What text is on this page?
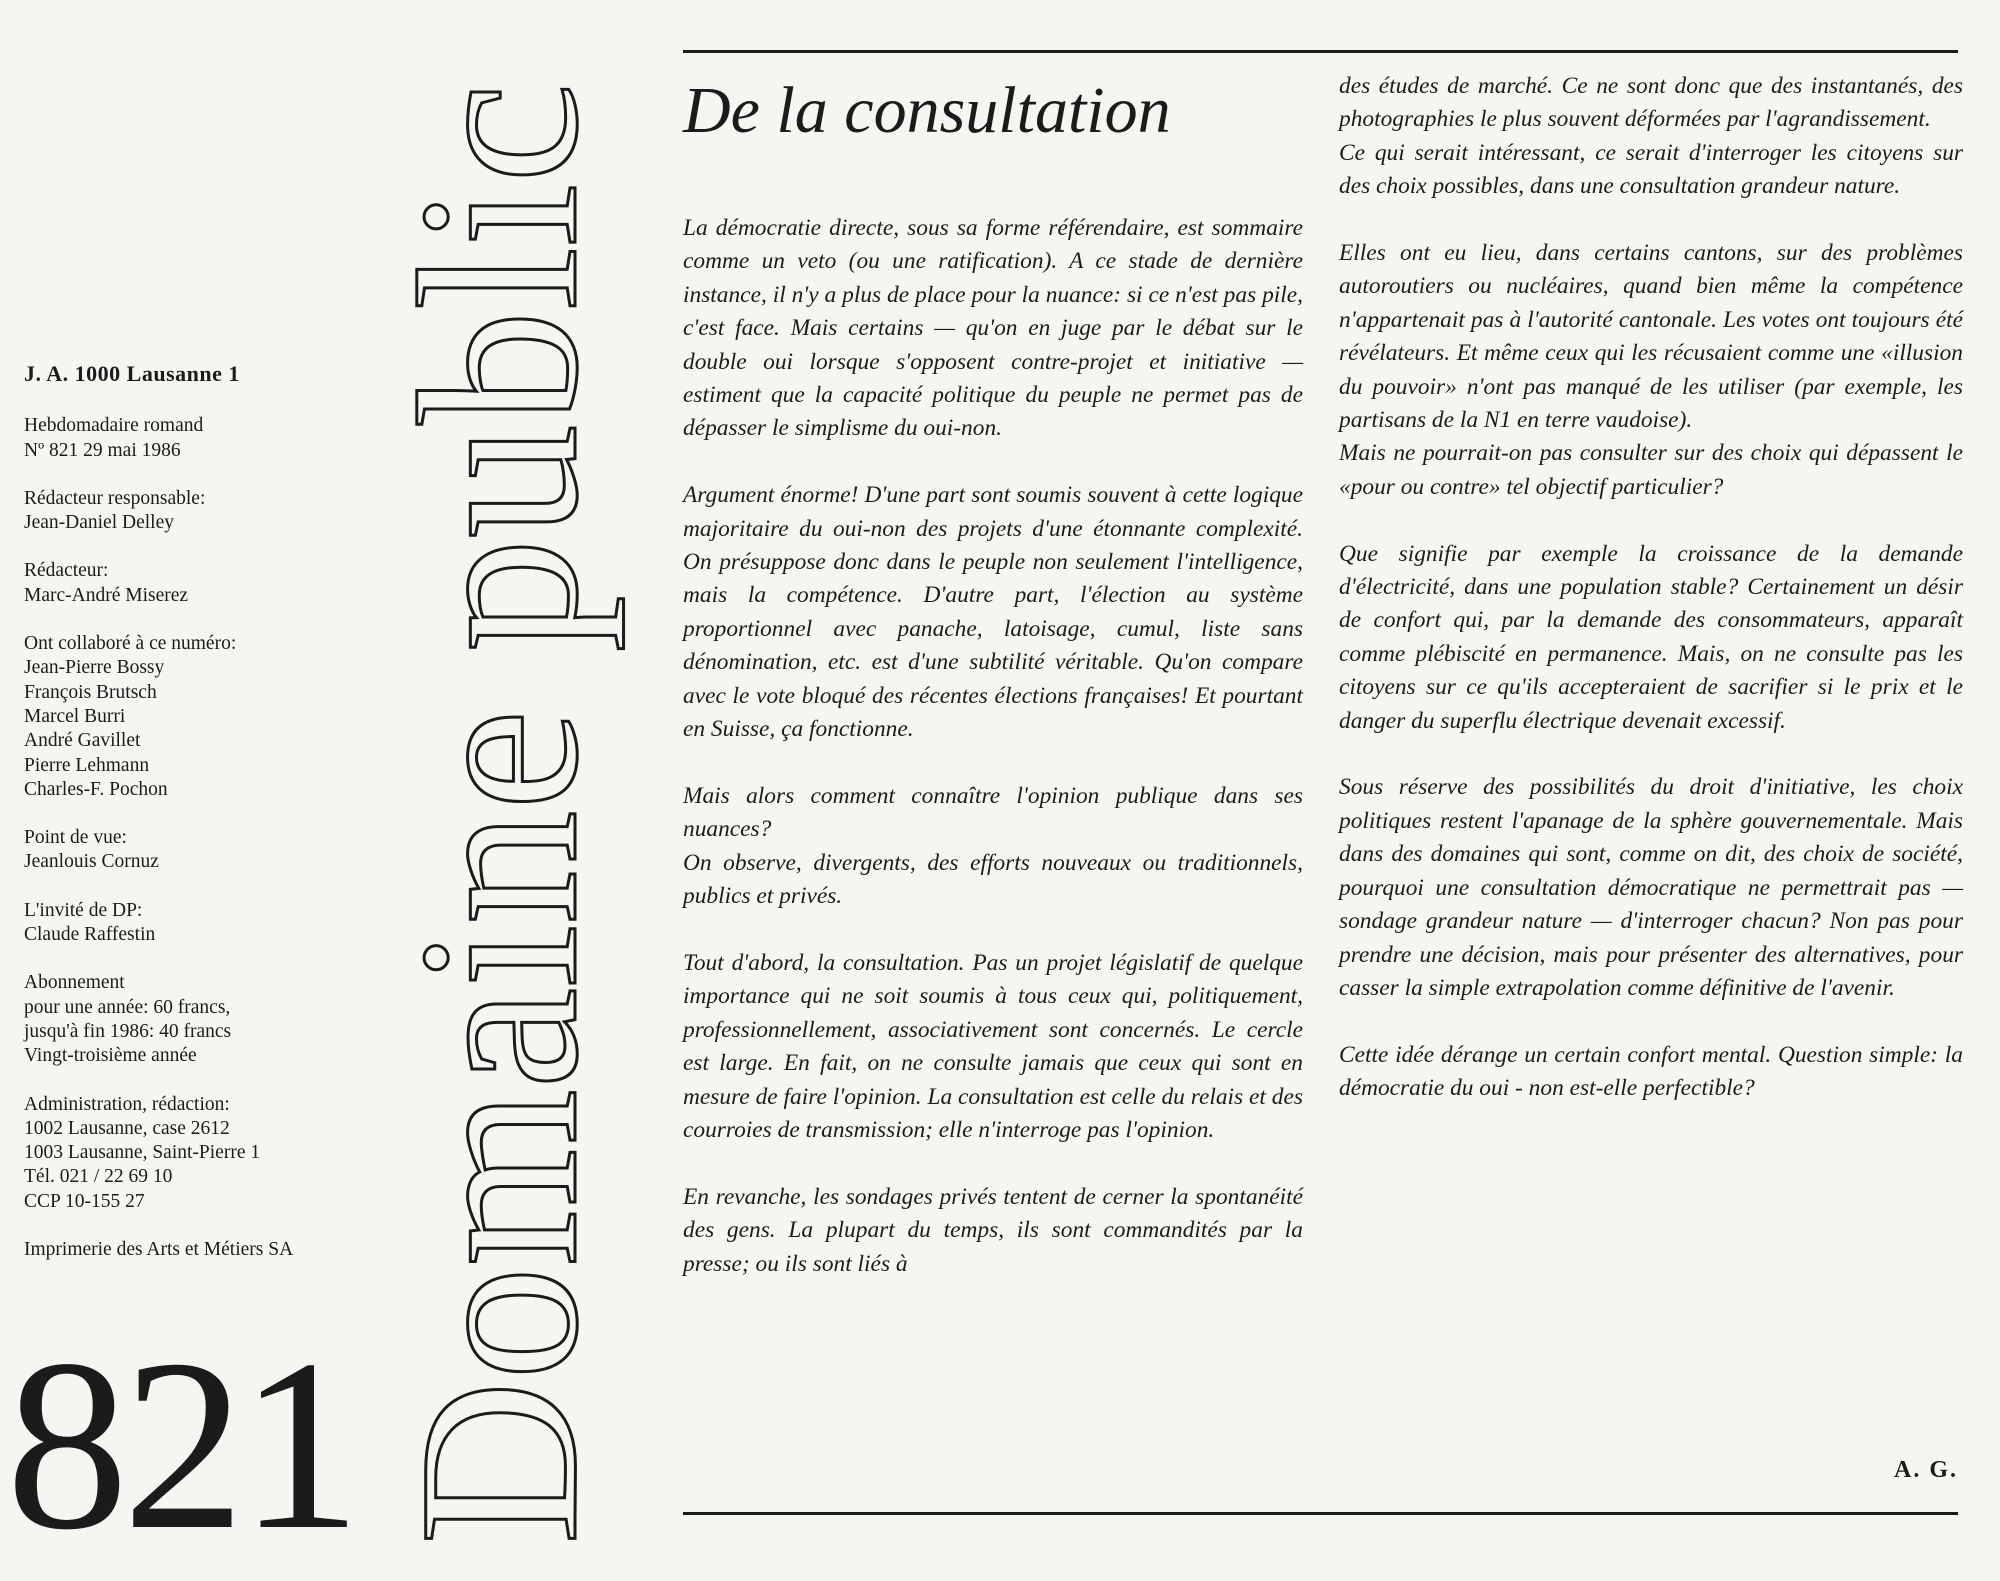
J. A. 1000 Lausanne 1
Hebdomadaire romand
Nº 821 29 mai 1986
Rédacteur responsable:
Jean-Daniel Delley
Rédacteur:
Marc-André Miserez
Ont collaboré à ce numéro:
Jean-Pierre Bossy
François Brutsch
Marcel Burri
André Gavillet
Pierre Lehmann
Charles-F. Pochon
Point de vue:
Jeanlouis Cornuz
L'invité de DP:
Claude Raffestin
Abonnement
pour une année: 60 francs,
jusqu'à fin 1986: 40 francs
Vingt-troisième année
Administration, rédaction:
1002 Lausanne, case 2612
1003 Lausanne, Saint-Pierre 1
Tél. 021 / 22 69 10
CCP 10-155 27
Imprimerie des Arts et Métiers SA
821 Domaine public De la consultation

La démocratie directe, sous sa forme référendaire, est sommaire comme un veto (ou une ratification). A ce stade de dernière instance, il n'y a plus de place pour la nuance: si ce n'est pas pile, c'est face. Mais certains — qu'on en juge par le débat sur le double oui lorsque s'opposent contre-projet et initiative — estiment que la capacité politique du peuple ne permet pas de dépasser le simplisme du oui-non.

Argument énorme! D'une part sont soumis souvent à cette logique majoritaire du oui-non des projets d'une étonnante complexité. On présuppose donc dans le peuple non seulement l'intelligence, mais la compétence. D'autre part, l'élection au système proportionnel avec panache, latoisage, cumul, liste sans dénomination, etc. est d'une subtilité véritable. Qu'on compare avec le vote bloqué des récentes élections françaises! Et pourtant en Suisse, ça fonctionne.

Mais alors comment connaître l'opinion publique dans ses nuances?
On observe, divergents, des efforts nouveaux ou traditionnels, publics et privés.

Tout d'abord, la consultation. Pas un projet législatif de quelque importance qui ne soit soumis à tous ceux qui, politiquement, professionnellement, associativement sont concernés. Le cercle est large. En fait, on ne consulte jamais que ceux qui sont en mesure de faire l'opinion. La consultation est celle du relais et des courroies de transmission; elle n'interroge pas l'opinion.

En revanche, les sondages privés tentent de cerner la spontanéité des gens. La plupart du temps, ils sont commandités par la presse; ou ils sont liés à

des études de marché. Ce ne sont donc que des instantanés, des photographies le plus souvent déformées par l'agrandissement.
Ce qui serait intéressant, ce serait d'interroger les citoyens sur des choix possibles, dans une consultation grandeur nature.

Elles ont eu lieu, dans certains cantons, sur des problèmes autoroutiers ou nucléaires, quand bien même la compétence n'appartenait pas à l'autorité cantonale. Les votes ont toujours été révélateurs. Et même ceux qui les récusaient comme une «illusion du pouvoir» n'ont pas manqué de les utiliser (par exemple, les partisans de la N1 en terre vaudoise).
Mais ne pourrait-on pas consulter sur des choix qui dépassent le «pour ou contre» tel objectif particulier?

Que signifie par exemple la croissance de la demande d'électricité, dans une population stable? Certainement un désir de confort qui, par la demande des consommateurs, apparaît comme plébiscité en permanence. Mais, on ne consulte pas les citoyens sur ce qu'ils accepteraient de sacrifier si le prix et le danger du superflu électrique devenait excessif.

Sous réserve des possibilités du droit d'initiative, les choix politiques restent l'apanage de la sphère gouvernementale. Mais dans des domaines qui sont, comme on dit, des choix de société, pourquoi une consultation démocratique ne permettrait pas — sondage grandeur nature — d'interroger chacun? Non pas pour prendre une décision, mais pour présenter des alternatives, pour casser la simple extrapolation comme définitive de l'avenir.

Cette idée dérange un certain confort mental. Question simple: la démocratie du oui - non est-elle perfectible?

A. G.
